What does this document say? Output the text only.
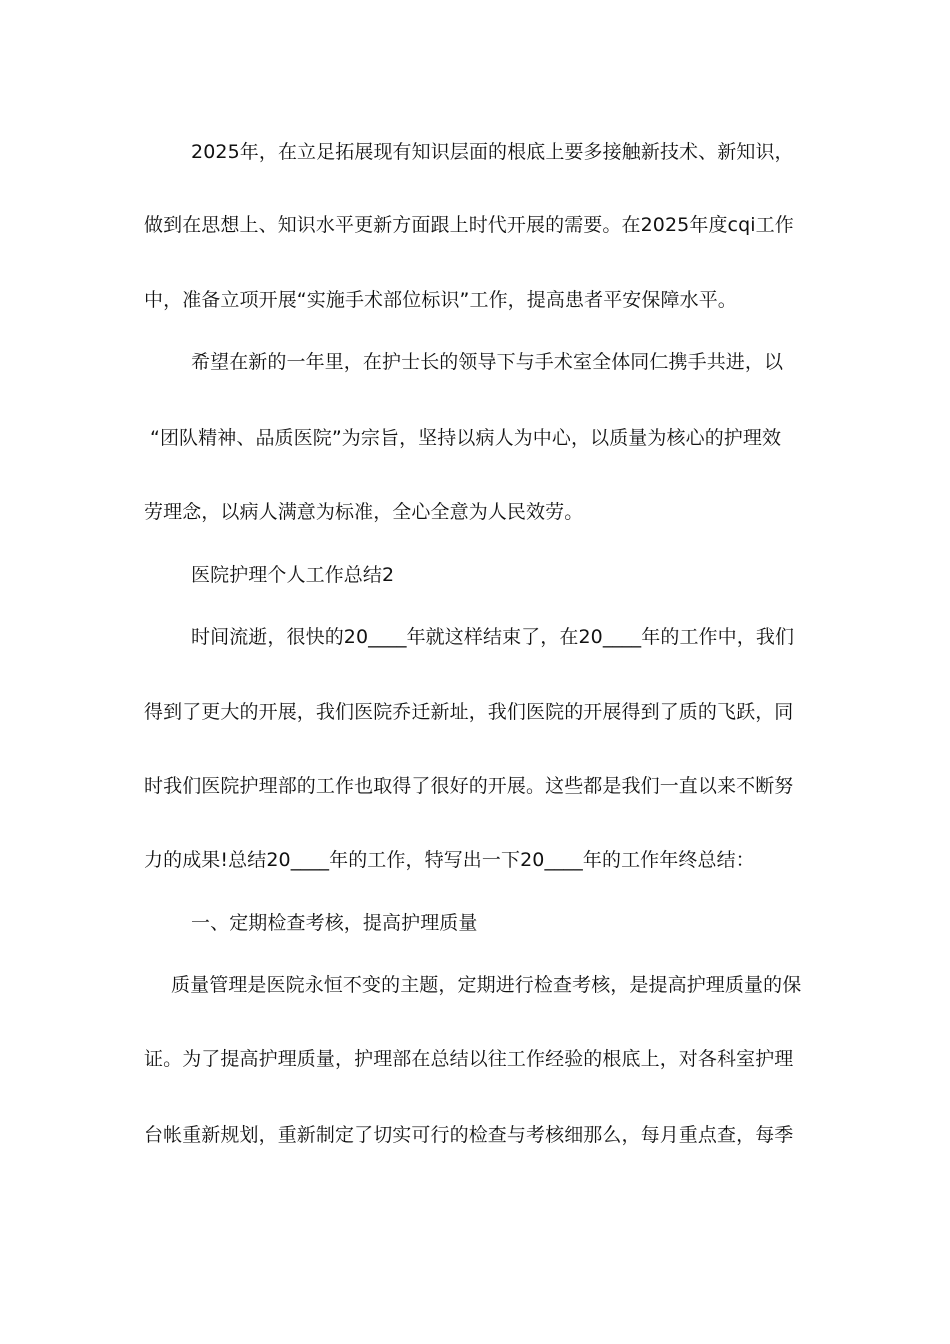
2025年，在立足拓展现有知识层面的根底上要多接触新技术、新知识，
做到在思想上、知识水平更新方面跟上时代开展的需要。在2025年度cqi工作
中，准备立项开展“实施手术部位标识”工作，提高患者平安保障水平。
希望在新的一年里，在护士长的领导下与手术室全体同仁携手共进，以
“团队精神、品质医院”为宗旨，坚持以病人为中心，以质量为核心的护理效
劳理念，以病人满意为标准，全心全意为人民效劳。
医院护理个人工作总结2
时间流逝，很快的20____年就这样结束了，在20____年的工作中，我们
得到了更大的开展，我们医院乔迁新址，我们医院的开展得到了质的飞跃，同
时我们医院护理部的工作也取得了很好的开展。这些都是我们一直以来不断努
力的成果!总结20____年的工作，特写出一下20____年的工作年终总结：
一、定期检查考核，提高护理质量
质量管理是医院永恒不变的主题，定期进行检查考核，是提高护理质量的保
证。为了提高护理质量，护理部在总结以往工作经验的根底上，对各科室护理
台帐重新规划，重新制定了切实可行的检查与考核细那么，每月重点查，每季
